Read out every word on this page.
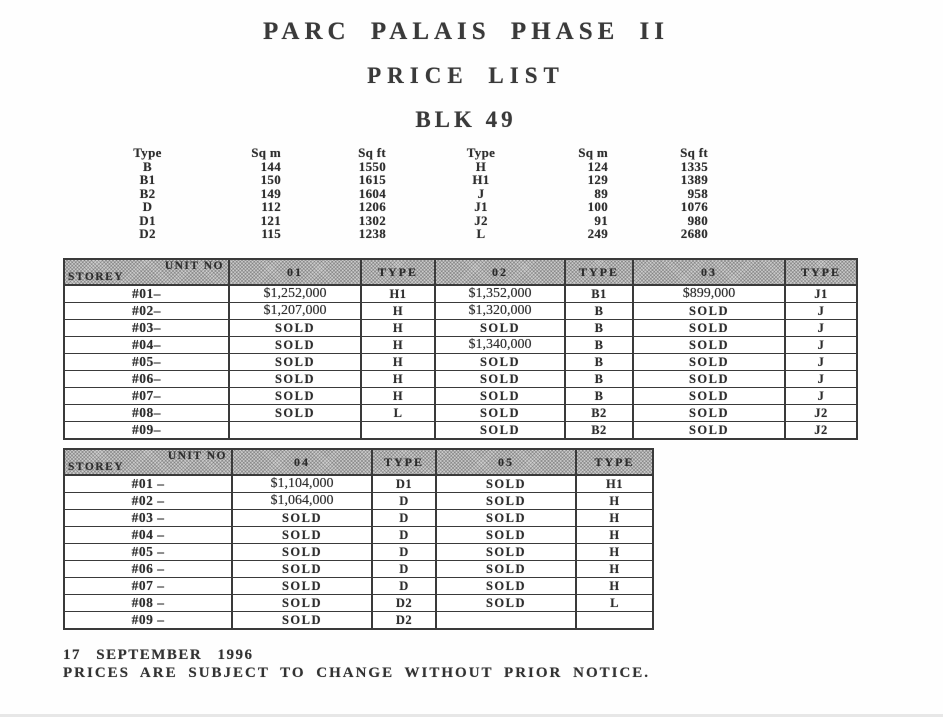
PARC PALAIS PHASE II
PRICE LIST
BLK 49
Type	Sq m	Sq ft
B	144	1550
B1	150	1615
B2	149	1604
D	112	1206
D1	121	1302
D2	115	1238
Type	Sq m	Sq ft
H	124	1335
H1	129	1389
J	89	958
J1	100	1076
J2	91	980
L	249	2680
UNIT NO
STOREY	01	TYPE	02	TYPE	03	TYPE
#01–	$1,252,000	H1	$1,352,000	B1	$899,000	J1
#02–	$1,207,000	H	$1,320,000	B	SOLD	J
#03–	SOLD	H	SOLD	B	SOLD	J
#04–	SOLD	H	$1,340,000	B	SOLD	J
#05–	SOLD	H	SOLD	B	SOLD	J
#06–	SOLD	H	SOLD	B	SOLD	J
#07–	SOLD	H	SOLD	B	SOLD	J
#08–	SOLD	L	SOLD	B2	SOLD	J2
#09–			SOLD	B2	SOLD	J2
UNIT NO
STOREY	04	TYPE	05	TYPE
#01 –	$1,104,000	D1	SOLD	H1
#02 –	$1,064,000	D	SOLD	H
#03 –	SOLD	D	SOLD	H
#04 –	SOLD	D	SOLD	H
#05 –	SOLD	D	SOLD	H
#06 –	SOLD	D	SOLD	H
#07 –	SOLD	D	SOLD	H
#08 –	SOLD	D2	SOLD	L
#09 –	SOLD	D2		
17 SEPTEMBER 1996
PRICES ARE SUBJECT TO CHANGE WITHOUT PRIOR NOTICE.
